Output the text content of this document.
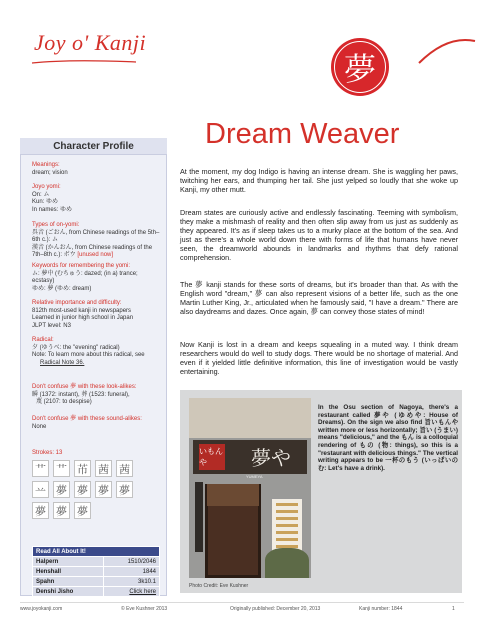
Joy o' Kanji
夢
Dream Weaver
Character Profile
Meanings:
dream; vision
Joyo yomi:
On: ム
Kun: ゆめ
In names: ゆめ
Types of on-yomi:
呉音 (ごおん, from Chinese readings of the 5th–6th c.): ム
漢音 (かんおん, from Chinese readings of the 7th–8th c.): ボウ [unused now]
Keywords for remembering the yomi:
ム: 夢中 (むちゅう: dazed; (in a) trance; ecstasy)
ゆめ: 夢 (ゆめ: dream)
Relative importance and difficulty:
812th most-used kanji in newspapers
Learned in junior high school in Japan
JLPT level: N3
Radical:
夕 (ゆうべ: the "evening" radical)
Note: To learn more about this radical, see
Radical Note 36.
Don't confuse 夢 with these look-alikes:
瞬 (1372: instant), 葬 (1523: funeral),
蔑 (2107: to despise)
Don't confuse 夢 with these sound-alikes:
None
Strokes: 13
艹 艹 芇 茜 茜
䒑 夢 夢 夢 夢
夢 夢 夢
Read All About It!	
Halpern	1510/2046
Henshall	1844
Spahn	3k10.1
Denshi Jisho	Click here

At the moment, my dog Indigo is having an intense dream. She is waggling her paws, twitching her ears, and thumping her tail. She just yelped so loudly that she woke up Kanji, my other mutt.

Dream states are curiously active and endlessly fascinating. Teeming with symbolism, they make a mishmash of reality and then often slip away from us just as suddenly as they appeared. It's as if sleep takes us to a murky place at the bottom of the sea. And just as there's a whole world down there with forms of life that humans have never seen, the dreamworld abounds in landmarks and rhythms that defy rational comprehension.

The 夢 kanji stands for these sorts of dreams, but it's broader than that. As with the English word "dream," 夢 can also represent visions of a better life, such as the one Martin Luther King, Jr., articulated when he famously said, "I have a dream." There are also daydreams and dazes. Once again, 夢 can convey those states of mind!

Now Kanji is lost in a dream and keeps squealing in a muted way. I think dream researchers would do well to study dogs. There would be no shortage of material. And even if it yielded little definitive information, this line of investigation would be vastly entertaining.

いもんや	夢や
YUMEYA
Photo Credit: Eve Kushner

In the Osu section of Nagoya, there's a restaurant called 夢や (ゆめや: House of Dreams). On the sign we also find 旨いもんや written more or less horizontally; 旨い (うまい) means "delicious," and the もん is a colloquial rendering of もの (物: things), so this is a "restaurant with delicious things." The vertical writing appears to be 一杯のもう (いっぱいのむ: Let's have a drink).

www.joyokanji.com	© Eve Kushner 2013	Originally published: December 20, 2013	Kanji number: 1844	1
